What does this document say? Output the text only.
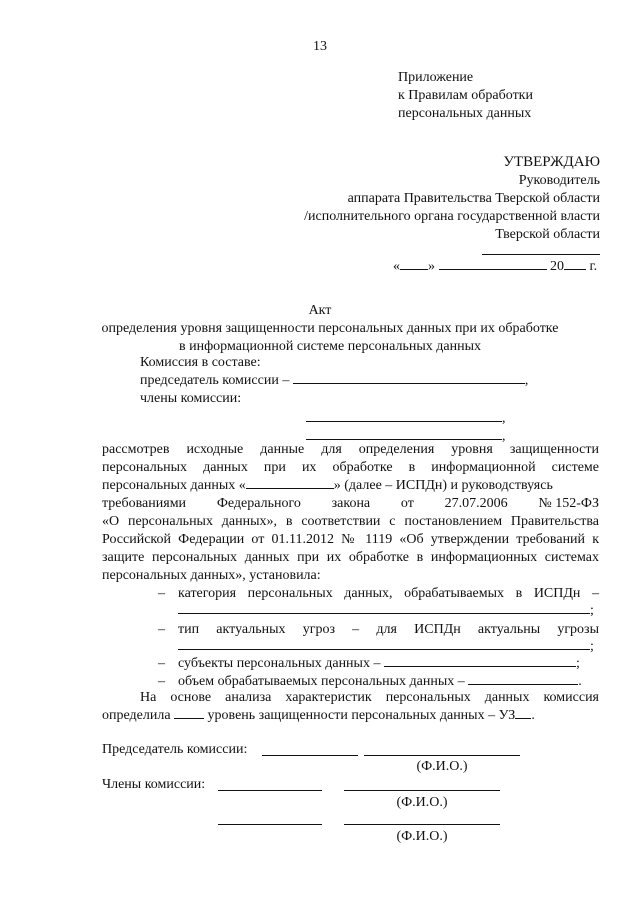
13
Приложение
к Правилам обработки
персональных данных
УТВЕРЖДАЮ
Руководитель
аппарата Правительства Тверской области
/исполнительного органа государственной власти
Тверской области
« »	20 г.
Акт
определения уровня защищенности персональных данных при их обработке
в информационной системе персональных данных
Комиссия в составе:
председатель комиссии –	,
члены комиссии:
,
,
рассмотрев исходные данные для определения уровня защищенности
персональных данных при их обработке в информационной системе
персональных данных «	» (далее – ИСПДн) и руководствуясь
требованиями Федерального закона от 27.07.2006 № 152-ФЗ
«О персональных данных», в соответствии с постановлением Правительства
Российской Федерации от 01.11.2012 № 1119 «Об утверждении требований к
защите персональных данных при их обработке в информационных системах
персональных данных», установила:
– категория персональных данных, обрабатываемых в ИСПДн –
;
– тип актуальных угроз – для ИСПДн актуальны угрозы
;
– субъекты персональных данных –	;
– объем обрабатываемых персональных данных –	.
На основе анализа характеристик персональных данных комиссия
определила	уровень защищенности персональных данных – УЗ .
Председатель комиссии:
(Ф.И.О.)
Члены комиссии:
(Ф.И.О.)
(Ф.И.О.)
